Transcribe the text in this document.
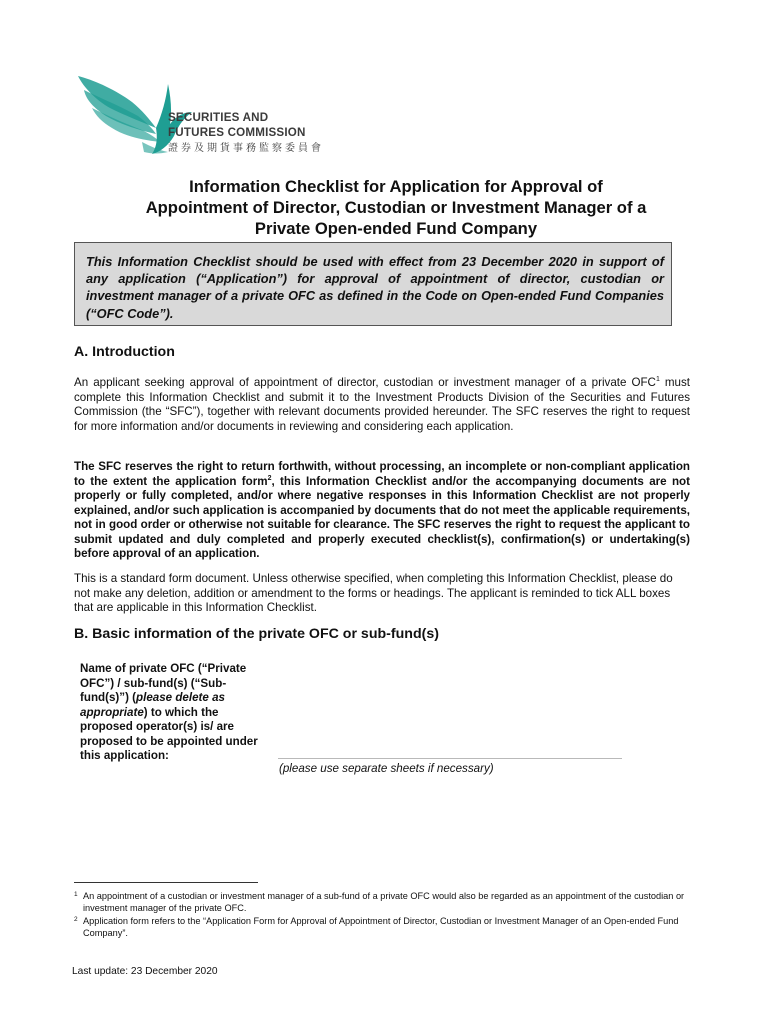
SECURITIES AND
FUTURES COMMISSION
證券及期貨事務監察委員會
Information Checklist for Application for Approval of
Appointment of Director, Custodian or Investment Manager of a
Private Open-ended Fund Company
This Information Checklist should be used with effect from 23 December 2020 in support of any application (“Application”) for approval of appointment of director, custodian or investment manager of a private OFC as defined in the Code on Open-ended Fund Companies (“OFC Code”).
A. Introduction
An applicant seeking approval of appointment of director, custodian or investment manager of a private OFC$^1$ must complete this Information Checklist and submit it to the Investment Products Division of the Securities and Futures Commission (the “SFC”), together with relevant documents provided hereunder. The SFC reserves the right to request for more information and/or documents in reviewing and considering each application.
The SFC reserves the right to return forthwith, without processing, an incomplete or non-compliant application to the extent the application form$^2$, this Information Checklist and/or the accompanying documents are not properly or fully completed, and/or where negative responses in this Information Checklist are not properly explained, and/or such application is accompanied by documents that do not meet the applicable requirements, not in good order or otherwise not suitable for clearance. The SFC reserves the right to request the applicant to submit updated and duly completed and properly executed checklist(s), confirmation(s) or undertaking(s) before approval of an application.
This is a standard form document. Unless otherwise specified, when completing this Information Checklist, please do not make any deletion, addition or amendment to the forms or headings. The applicant is reminded to tick ALL boxes that are applicable in this Information Checklist.
B. Basic information of the private OFC or sub-fund(s)
Name of private OFC (“Private OFC”) / sub-fund(s) (“Sub-fund(s)”) (please delete as appropriate) to which the proposed operator(s) is/ are proposed to be appointed under this application:
(please use separate sheets if necessary)
1 An appointment of a custodian or investment manager of a sub-fund of a private OFC would also be regarded as an appointment of the custodian or investment manager of the private OFC.
2 Application form refers to the “Application Form for Approval of Appointment of Director, Custodian or Investment Manager of an Open-ended Fund Company”.
Last update: 23 December 2020
